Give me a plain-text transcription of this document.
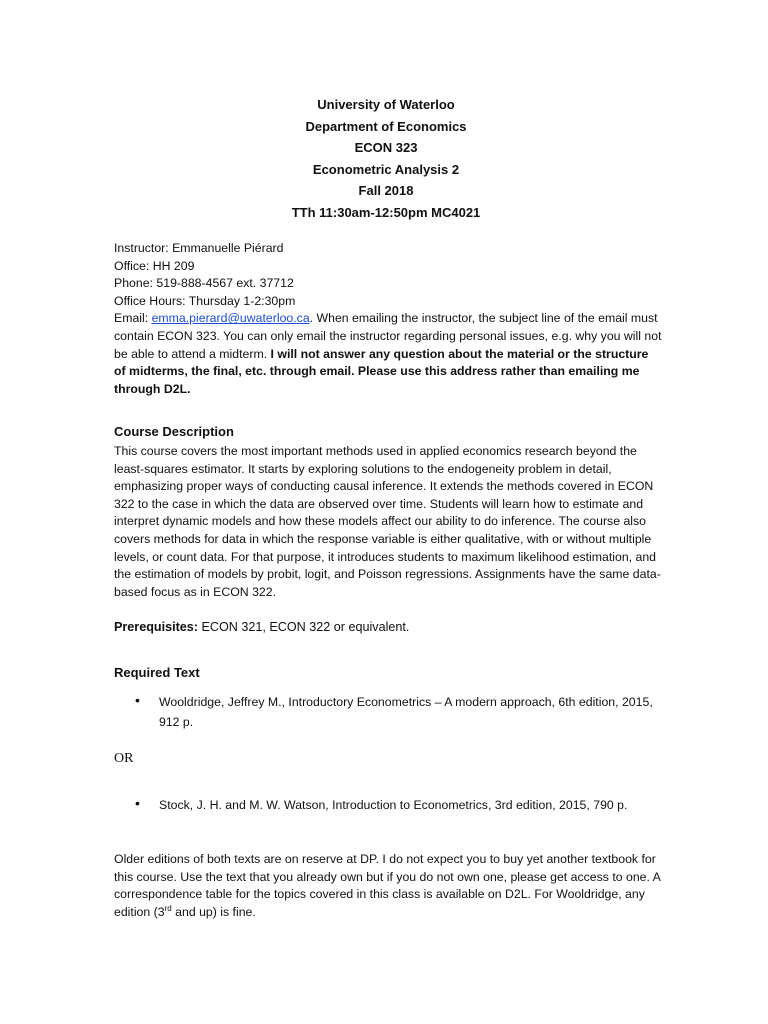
University of Waterloo
Department of Economics
ECON 323
Econometric Analysis 2
Fall 2018
TTh 11:30am-12:50pm MC4021
Instructor: Emmanuelle Piérard
Office: HH 209
Phone: 519-888-4567 ext. 37712
Office Hours: Thursday 1-2:30pm
Email: emma.pierard@uwaterloo.ca. When emailing the instructor, the subject line of the email must contain ECON 323. You can only email the instructor regarding personal issues, e.g. why you will not be able to attend a midterm. I will not answer any question about the material or the structure of midterms, the final, etc. through email. Please use this address rather than emailing me through D2L.
Course Description
This course covers the most important methods used in applied economics research beyond the least-squares estimator. It starts by exploring solutions to the endogeneity problem in detail, emphasizing proper ways of conducting causal inference. It extends the methods covered in ECON 322 to the case in which the data are observed over time. Students will learn how to estimate and interpret dynamic models and how these models affect our ability to do inference. The course also covers methods for data in which the response variable is either qualitative, with or without multiple levels, or count data. For that purpose, it introduces students to maximum likelihood estimation, and the estimation of models by probit, logit, and Poisson regressions. Assignments have the same data-based focus as in ECON 322.
Prerequisites: ECON 321, ECON 322 or equivalent.
Required Text
• Wooldridge, Jeffrey M., Introductory Econometrics – A modern approach, 6th edition, 2015, 912 p.
OR
• Stock, J. H. and M. W. Watson, Introduction to Econometrics, 3rd edition, 2015, 790 p.
Older editions of both texts are on reserve at DP. I do not expect you to buy yet another textbook for this course. Use the text that you already own but if you do not own one, please get access to one. A correspondence table for the topics covered in this class is available on D2L. For Wooldridge, any edition (3rd and up) is fine.
